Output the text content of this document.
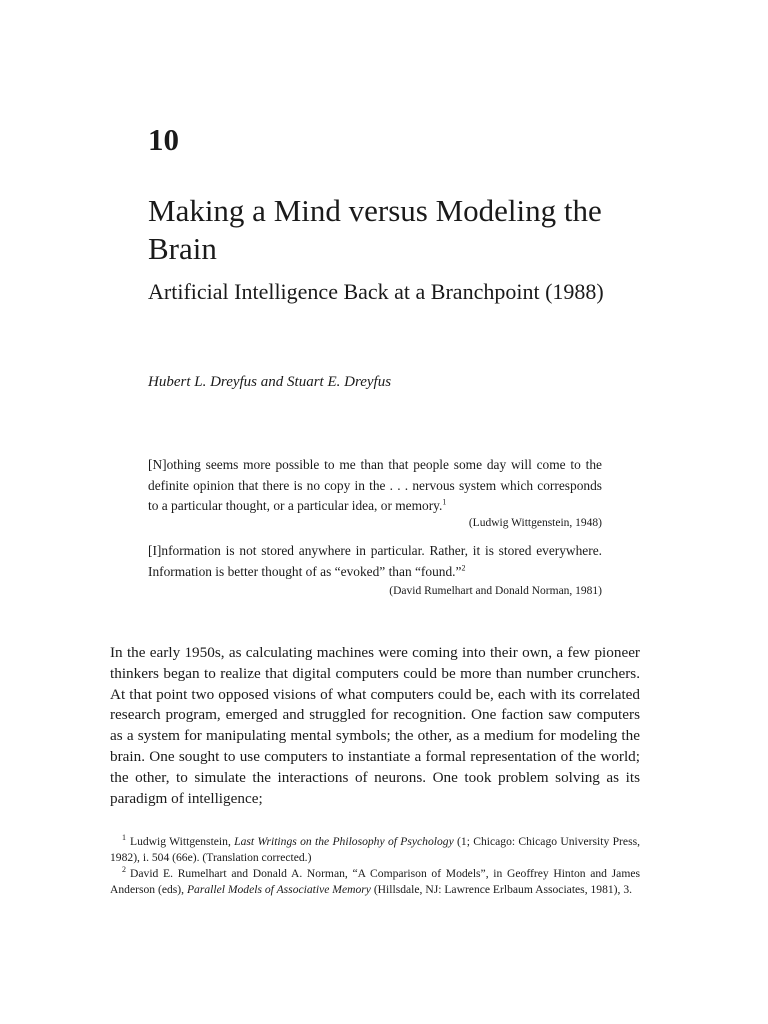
10
Making a Mind versus Modeling the Brain
Artificial Intelligence Back at a Branchpoint (1988)

Hubert L. Dreyfus and Stuart E. Dreyfus

[N]othing seems more possible to me than that people some day will come to the definite opinion that there is no copy in the . . . nervous system which corresponds to a particular thought, or a particular idea, or memory.$^1$

(Ludwig Wittgenstein, 1948)

[I]nformation is not stored anywhere in particular. Rather, it is stored everywhere. Information is better thought of as “evoked” than “found.”$^2$

(David Rumelhart and Donald Norman, 1981)

In the early 1950s, as calculating machines were coming into their own, a few pioneer thinkers began to realize that digital computers could be more than number crunchers. At that point two opposed visions of what computers could be, each with its correlated research program, emerged and struggled for recognition. One faction saw computers as a system for manipulating mental symbols; the other, as a medium for modeling the brain. One sought to use computers to instantiate a formal representation of the world; the other, to simulate the interactions of neurons. One took problem solving as its paradigm of intelligence;

$^1$ Ludwig Wittgenstein, Last Writings on the Philosophy of Psychology (1; Chicago: Chicago University Press, 1982), i. 504 (66e). (Translation corrected.)

$^2$ David E. Rumelhart and Donald A. Norman, “A Comparison of Models”, in Geoffrey Hinton and James Anderson (eds), Parallel Models of Associative Memory (Hillsdale, NJ: Lawrence Erlbaum Associates, 1981), 3.
